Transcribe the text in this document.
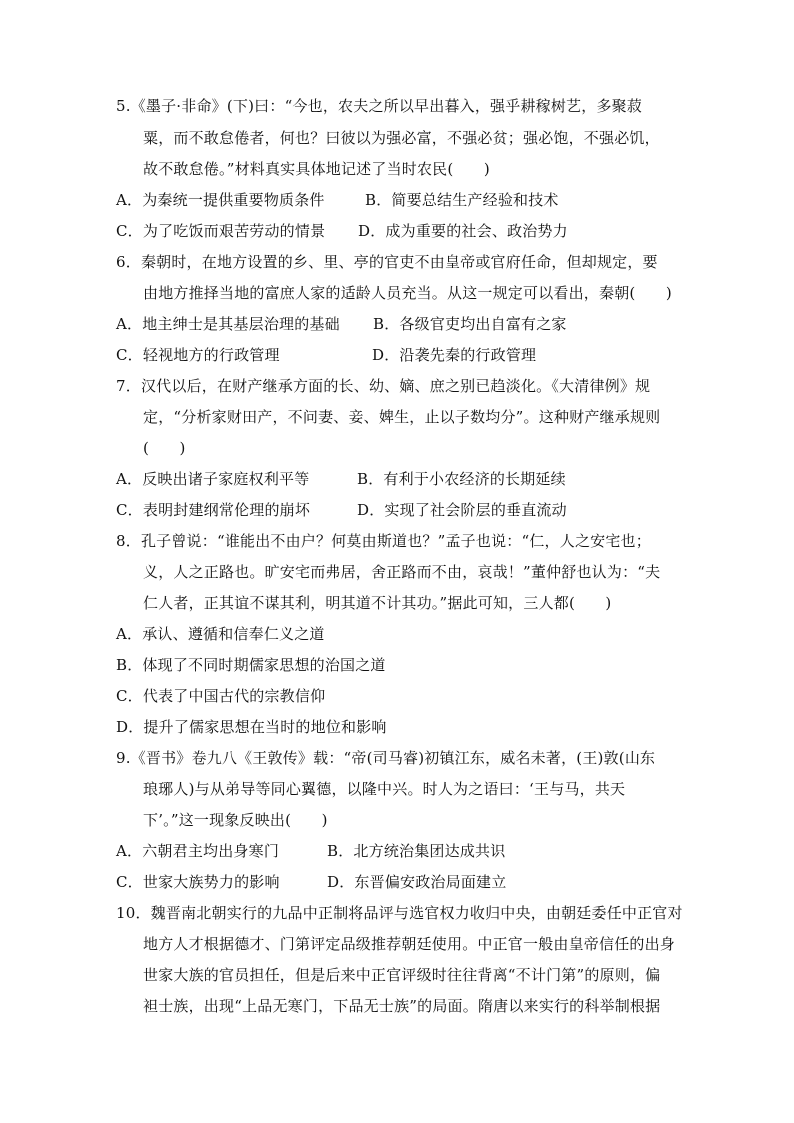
5.《墨子·非命》(下)曰：“今也，农夫之所以早出暮入，强乎耕稼树艺，多聚菽
粟，而不敢怠倦者，何也？曰彼以为强必富，不强必贫；强必饱，不强必饥，
故不敢怠倦。”材料真实具体地记述了当时农民(　　)
A．为秦统一提供重要物质条件	B．简要总结生产经验和技术
C．为了吃饭而艰苦劳动的情景 D．成为重要的社会、政治势力
6．秦朝时，在地方设置的乡、里、亭的官吏不由皇帝或官府任命，但却规定，要
由地方推择当地的富庶人家的适龄人员充当。从这一规定可以看出，秦朝(　　)
A．地主绅士是其基层治理的基础 B．各级官吏均出自富有之家
C．轻视地方的行政管理	D．沿袭先秦的行政管理
7．汉代以后，在财产继承方面的长、幼、嫡、庶之别已趋淡化。《大清律例》规
定，“分析家财田产，不问妻、妾、婢生，止以子数均分”。这种财产继承规则
(　　)
A．反映出诸子家庭权利平等	B．有利于小农经济的长期延续
C．表明封建纲常伦理的崩坏	D．实现了社会阶层的垂直流动
8．孔子曾说：“谁能出不由户？何莫由斯道也？”孟子也说：“仁，人之安宅也；
义，人之正路也。旷安宅而弗居，舍正路而不由，哀哉！”董仲舒也认为：“夫
仁人者，正其谊不谋其利，明其道不计其功。”据此可知，三人都(　　)
A．承认、遵循和信奉仁义之道
B．体现了不同时期儒家思想的治国之道
C．代表了中国古代的宗教信仰
D．提升了儒家思想在当时的地位和影响
9.《晋书》卷九八《王敦传》载：“帝(司马睿)初镇江东，威名未著，(王)敦(山东
琅琊人)与从弟导等同心翼德，以隆中兴。时人为之语曰：‘王与马，共天
下’。”这一现象反映出(　　)
A．六朝君主均出身寒门	B．北方统治集团达成共识
C．世家大族势力的影响	D．东晋偏安政治局面建立
10．魏晋南北朝实行的九品中正制将品评与选官权力收归中央，由朝廷委任中正官对
地方人才根据德才、门第评定品级推荐朝廷使用。中正官一般由皇帝信任的出身
世家大族的官员担任，但是后来中正官评级时往往背离“不计门第”的原则，偏
袒士族，出现“上品无寒门，下品无士族”的局面。隋唐以来实行的科举制根据
